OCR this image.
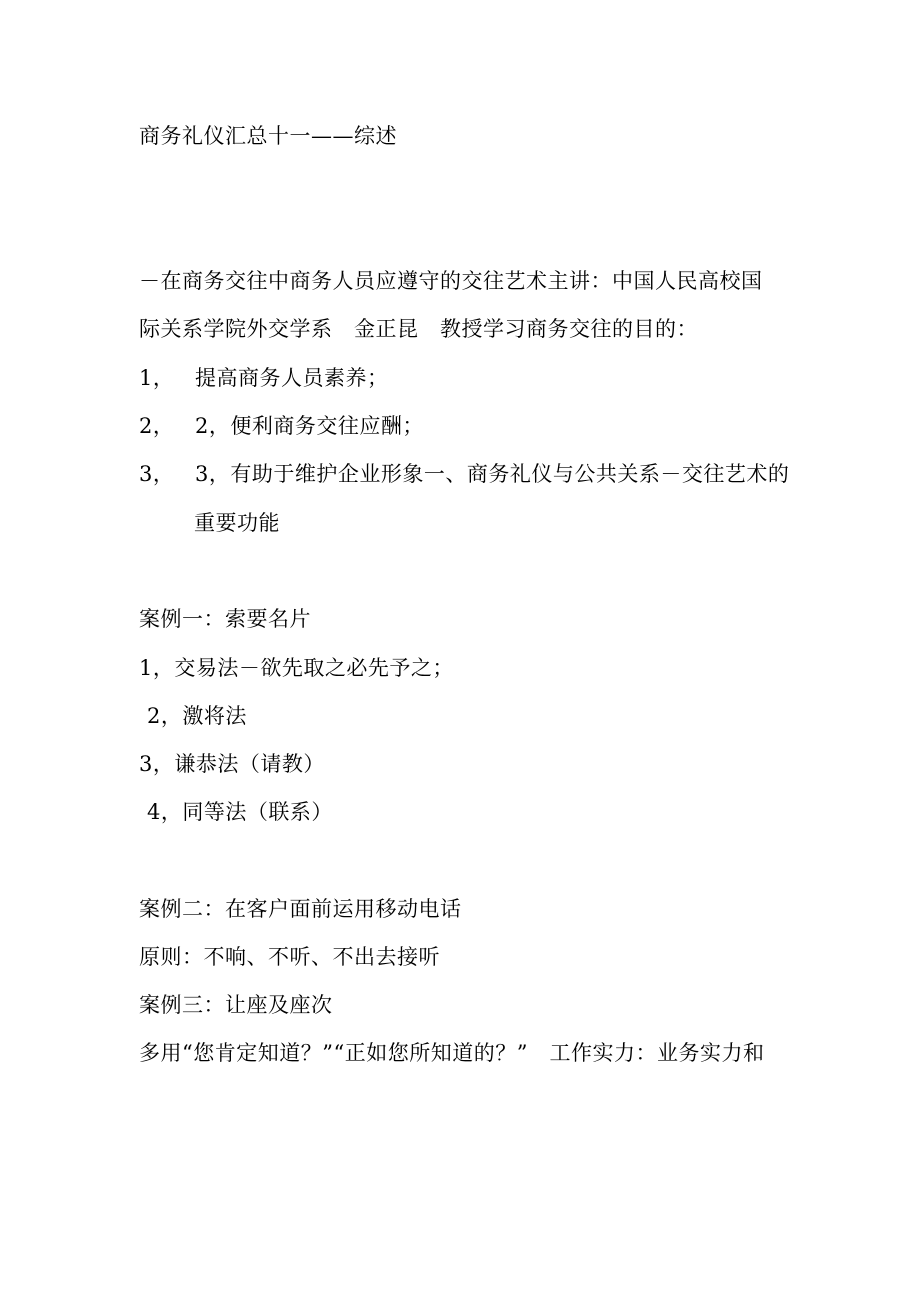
商务礼仪汇总十一——综述
－在商务交往中商务人员应遵守的交往艺术主讲：中国人民高校国
际关系学院外交学系　金正昆　教授学习商务交往的目的：
1， 提高商务人员素养；
2， 2，便利商务交往应酬；
3， 3，有助于维护企业形象一、商务礼仪与公共关系－交往艺术的
重要功能
案例一：索要名片
1，交易法－欲先取之必先予之；
2，激将法
3，谦恭法（请教）
4，同等法（联系）
案例二：在客户面前运用移动电话
原则：不响、不听、不出去接听
案例三：让座及座次
多用“您肯定知道？”“正如您所知道的？”　工作实力：业务实力和
